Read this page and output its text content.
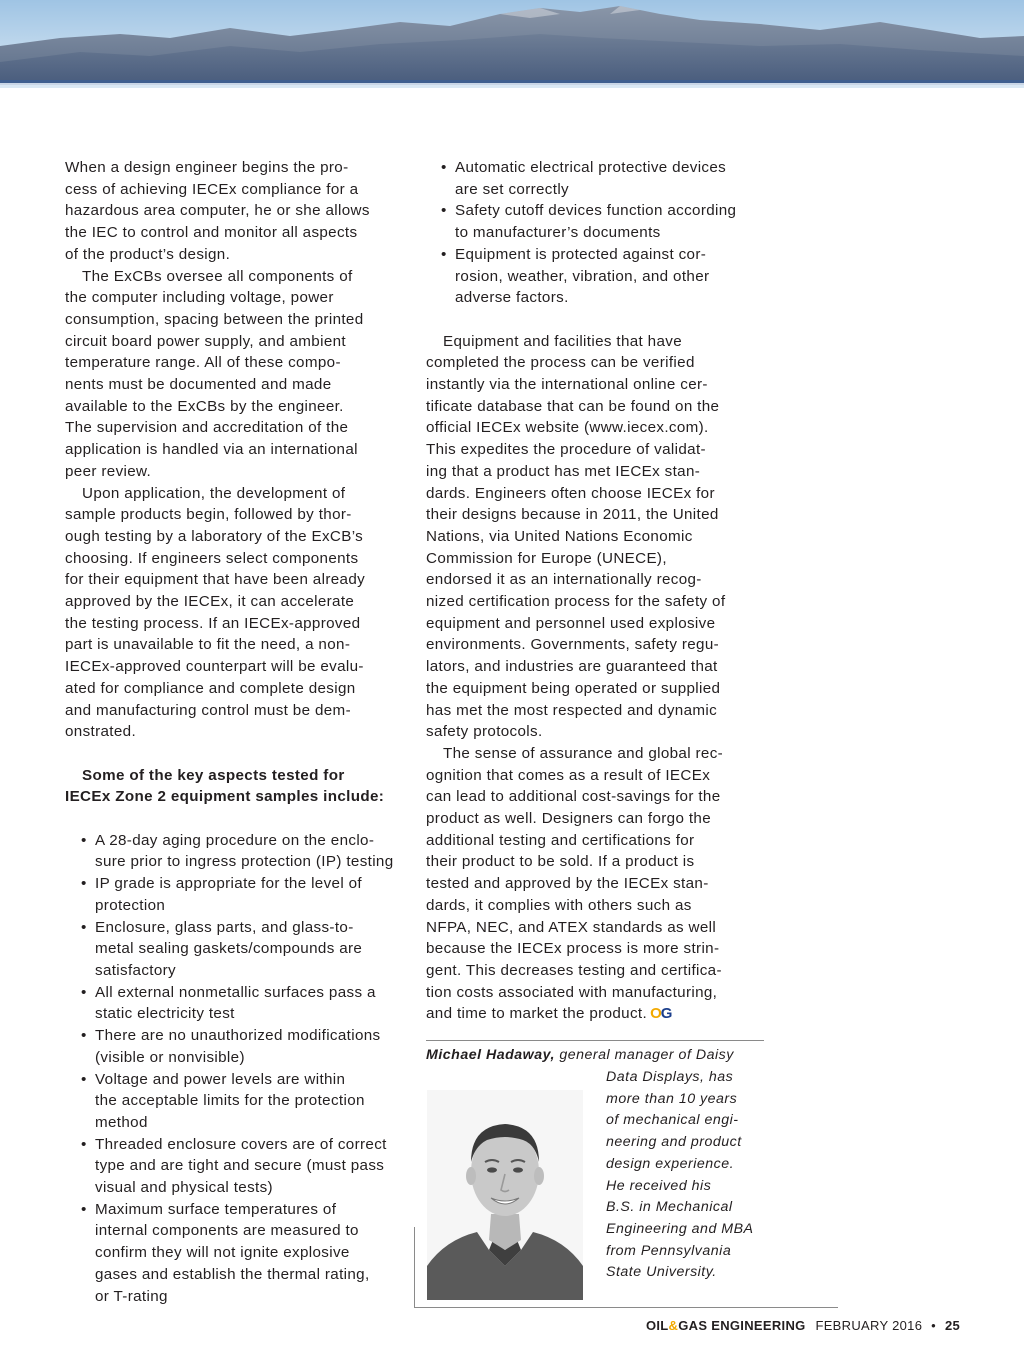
When a design engineer begins the pro-
cess of achieving IECEx compliance for a
hazardous area computer, he or she allows
the IEC to control and monitor all aspects
of the product’s design.

The ExCBs oversee all components of
the computer including voltage, power
consumption, spacing between the printed
circuit board power supply, and ambient
temperature range. All of these compo-
nents must be documented and made
available to the ExCBs by the engineer.
The supervision and accreditation of the
application is handled via an international
peer review.

Upon application, the development of
sample products begin, followed by thor-
ough testing by a laboratory of the ExCB’s
choosing. If engineers select components
for their equipment that have been already
approved by the IECEx, it can accelerate
the testing process. If an IECEx-approved
part is unavailable to fit the need, a non-
IECEx-approved counterpart will be evalu-
ated for compliance and complete design
and manufacturing control must be dem-
onstrated.

Some of the key aspects tested for
IECEx Zone 2 equipment samples include:

• A 28-day aging procedure on the enclo-
sure prior to ingress protection (IP) testing
• IP grade is appropriate for the level of
protection
• Enclosure, glass parts, and glass-to-
metal sealing gaskets/compounds are
satisfactory
• All external nonmetallic surfaces pass a
static electricity test
• There are no unauthorized modifications
(visible or nonvisible)
• Voltage and power levels are within
the acceptable limits for the protection
method
• Threaded enclosure covers are of correct
type and are tight and secure (must pass
visual and physical tests)
• Maximum surface temperatures of
internal components are measured to
confirm they will not ignite explosive
gases and establish the thermal rating,
or T-rating
• Automatic electrical protective devices
are set correctly
• Safety cutoff devices function according
to manufacturer’s documents
• Equipment is protected against cor-
rosion, weather, vibration, and other
adverse factors.

Equipment and facilities that have
completed the process can be verified
instantly via the international online cer-
tificate database that can be found on the
official IECEx website (www.iecex.com).
This expedites the procedure of validat-
ing that a product has met IECEx stan-
dards. Engineers often choose IECEx for
their designs because in 2011, the United
Nations, via United Nations Economic
Commission for Europe (UNECE),
endorsed it as an internationally recog-
nized certification process for the safety of
equipment and personnel used explosive
environments. Governments, safety regu-
lators, and industries are guaranteed that
the equipment being operated or supplied
has met the most respected and dynamic
safety protocols.

The sense of assurance and global rec-
ognition that comes as a result of IECEx
can lead to additional cost-savings for the
product as well. Designers can forgo the
additional testing and certifications for
their product to be sold. If a product is
tested and approved by the IECEx stan-
dards, it complies with others such as
NFPA, NEC, and ATEX standards as well
because the IECEx process is more strin-
gent. This decreases testing and certifica-
tion costs associated with manufacturing,
and time to market the product. OG

Michael Hadaway, general manager of Daisy
Data Displays, has
more than 10 years
of mechanical engi-
neering and product
design experience.
He received his
B.S. in Mechanical
Engineering and MBA
from Pennsylvania
State University.
OIL&GAS ENGINEERING FEBRUARY 2016 • 25
